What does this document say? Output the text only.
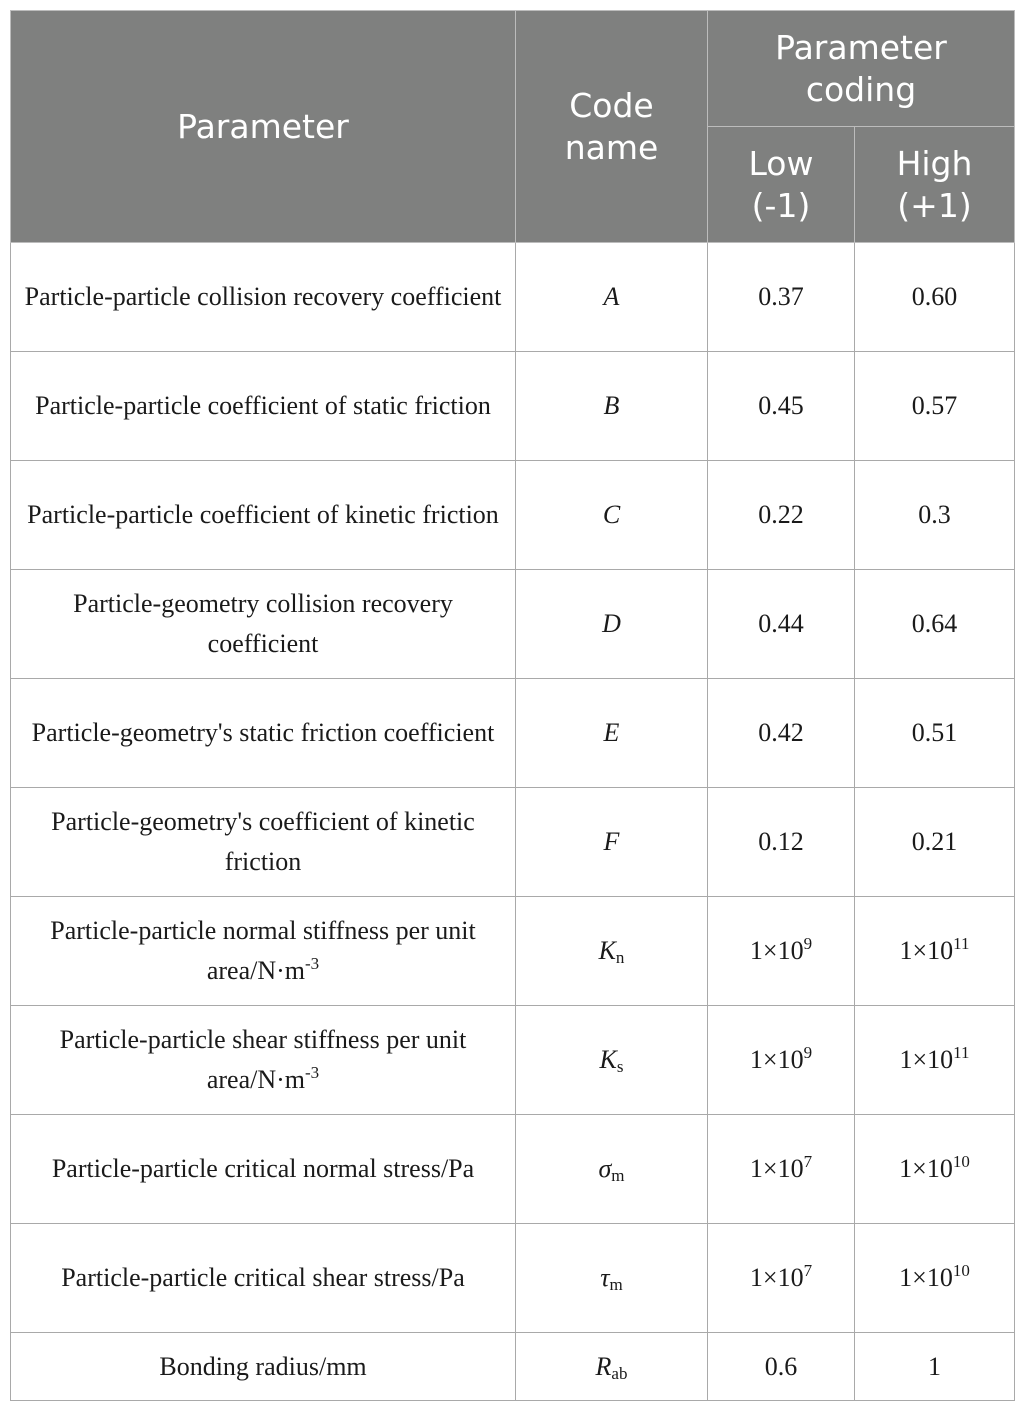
Parameter	Code name	Parameter coding	
		Low (-1)	High (+1)
Particle-particle collision recovery coefficient	A	0.37	0.60
Particle-particle coefficient of static friction	B	0.45	0.57
Particle-particle coefficient of kinetic friction	C	0.22	0.3
Particle-geometry collision recovery coefficient	D	0.44	0.64
Particle-geometry's static friction coefficient	E	0.42	0.51
Particle-geometry's coefficient of kinetic friction	F	0.12	0.21
Particle-particle normal stiffness per unit area/$N\cdot m^{-3}$	$K_n$	$1\times 10^9$	$1\times 10^{11}$
Particle-particle shear stiffness per unit area/$N\cdot m^{-3}$	$K_s$	$1\times 10^9$	$1\times 10^{11}$
Particle-particle critical normal stress/Pa	$\sigma_m$	$1\times 10^7$	$1\times 10^{10}$
Particle-particle critical shear stress/Pa	$\tau_m$	$1\times 10^7$	$1\times 10^{10}$
Bonding radius/mm	$R_{ab}$	0.6	1
